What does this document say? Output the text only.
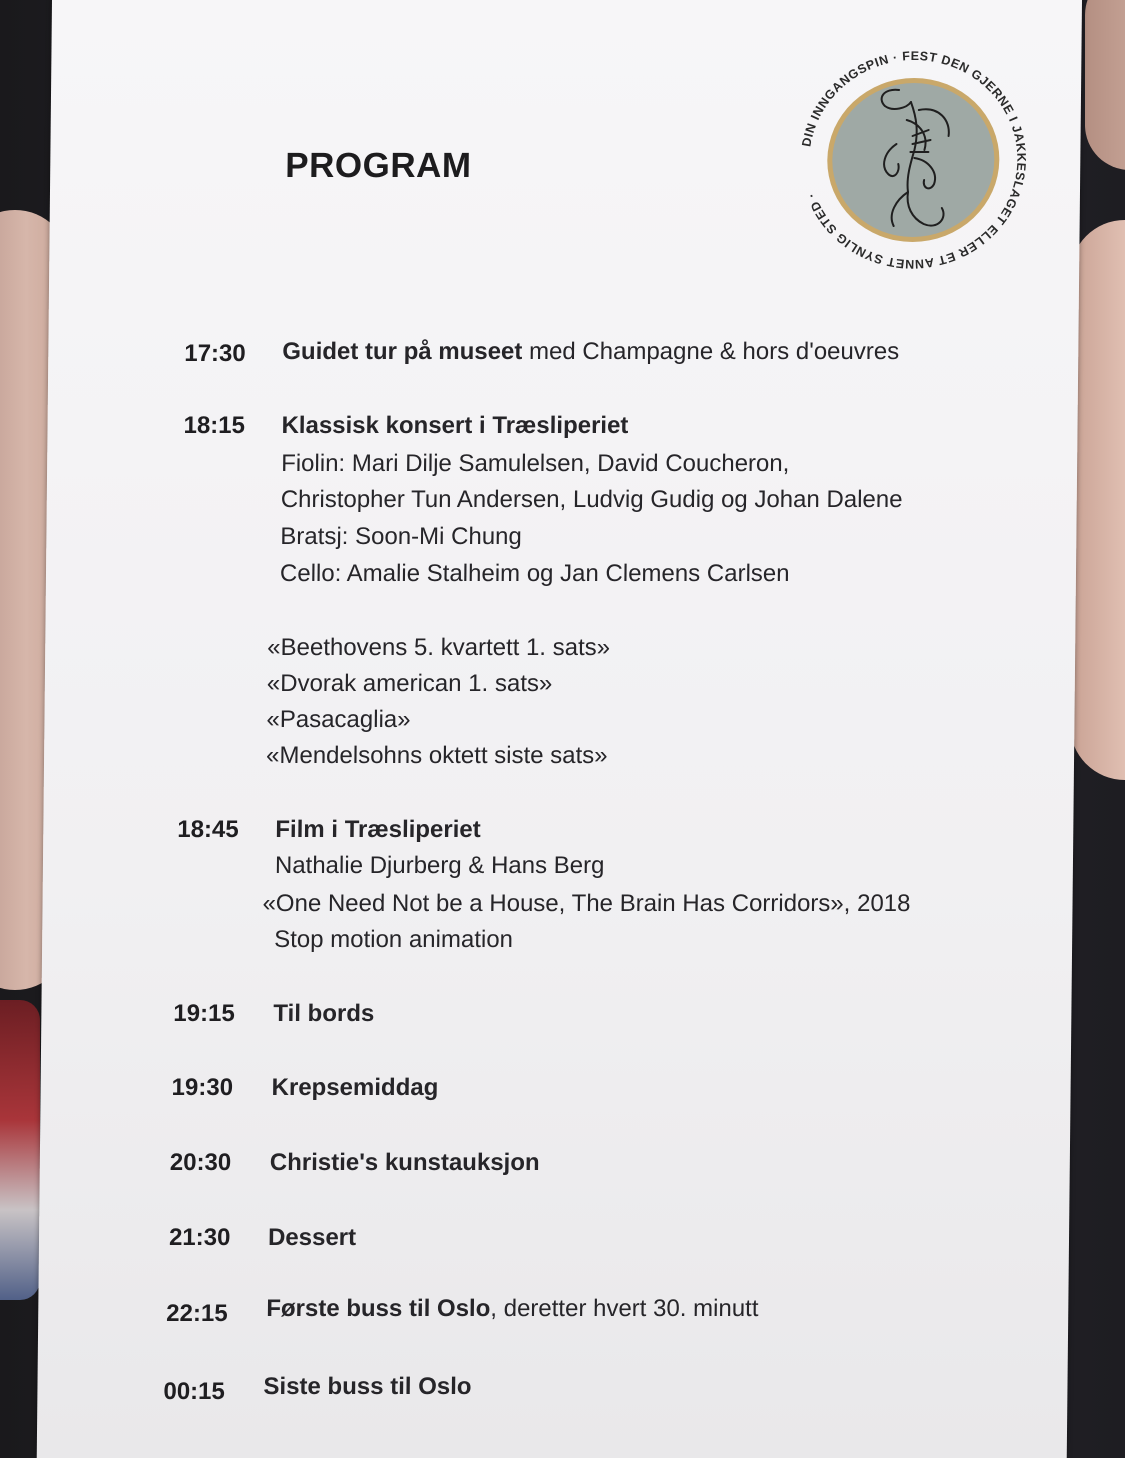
PROGRAM
DIN INNGANGSPIN · FEST DEN GJERNE I JAKKESLAGET ELLER ET ANNET SYNLIG STED ·
17:30 Guidet tur på museet med Champagne & hors d'oeuvres
18:15 Klassisk konsert i Træsliperiet
Fiolin: Mari Dilje Samulelsen, David Coucheron,
Christopher Tun Andersen, Ludvig Gudig og Johan Dalene
Bratsj: Soon-Mi Chung
Cello: Amalie Stalheim og Jan Clemens Carlsen
«Beethovens 5. kvartett 1. sats»
«Dvorak american 1. sats»
«Pasacaglia»
«Mendelsohns oktett siste sats»
18:45 Film i Træsliperiet
Nathalie Djurberg & Hans Berg
«One Need Not be a House, The Brain Has Corridors», 2018
Stop motion animation
19:15 Til bords
19:30 Krepsemiddag
20:30 Christie's kunstauksjon
21:30 Dessert
22:15 Første buss til Oslo, deretter hvert 30. minutt
00:15 Siste buss til Oslo
